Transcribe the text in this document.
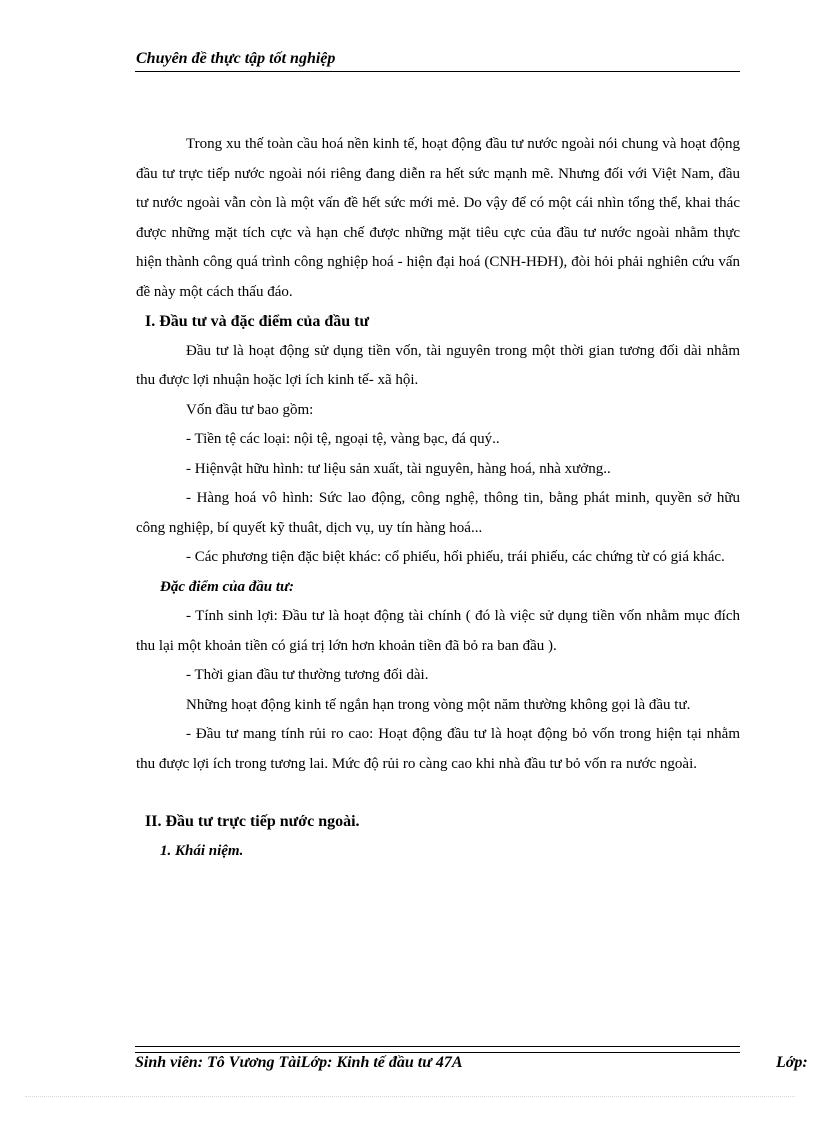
Chuyên đề thực tập tốt nghiệp

Trong xu thế toàn cầu hoá nền kinh tế, hoạt động đầu tư nước ngoài nói chung và hoạt động đầu tư trực tiếp nước ngoài nói riêng đang diễn ra hết sức mạnh mẽ. Nhưng đối với Việt Nam, đầu tư nước ngoài vẫn còn là một vấn đề hết sức mới mẻ. Do vậy để có một cái nhìn tổng thể, khai thác được những mặt tích cực và hạn chế được những mặt tiêu cực của đầu tư nước ngoài nhằm thực hiện thành công quá trình công nghiệp hoá - hiện đại hoá (CNH-HĐH), đòi hỏi phải nghiên cứu vấn đề này một cách thấu đáo.

I. Đầu tư và đặc điểm của đầu tư

Đầu tư là hoạt động sử dụng tiền vốn, tài nguyên trong một thời gian tương đối dài nhằm thu được lợi nhuận hoặc lợi ích kinh tế- xã hội.

Vốn đầu tư bao gồm:

- Tiền tệ các loại: nội tệ, ngoại tệ, vàng bạc, đá quý..

- Hiệnvật hữu hình: tư liệu sản xuất, tài nguyên, hàng hoá, nhà xưởng..

- Hàng hoá vô hình: Sức lao động, công nghệ, thông tin, bằng phát minh, quyền sở hữu công nghiệp, bí quyết kỹ thuât, dịch vụ, uy tín hàng hoá...

- Các phương tiện đặc biệt khác: cổ phiếu, hối phiếu, trái phiếu, các chứng từ có giá khác.

Đặc điểm của đầu tư:

- Tính sinh lợi: Đầu tư là hoạt động tài chính ( đó là việc sử dụng tiền vốn nhằm mục đích thu lại một khoản tiền có giá trị lớn hơn khoản tiền đã bỏ ra ban đầu ).

- Thời gian đầu tư thường tương đối dài.

Những hoạt động kinh tế ngắn hạn trong vòng một năm thường không gọi là đầu tư.

- Đầu tư mang tính rủi ro cao: Hoạt động đầu tư là hoạt động bỏ vốn trong hiện tại nhằm thu được lợi ích trong tương lai. Mức độ rủi ro càng cao khi nhà đầu tư bỏ vốn ra nước ngoài.

II. Đầu tư trực tiếp nước ngoài.

1. Khái niệm.

Sinh viên: Tô Vương TàiLớp: Kinh tế đầu tư 47A	Lớp:
